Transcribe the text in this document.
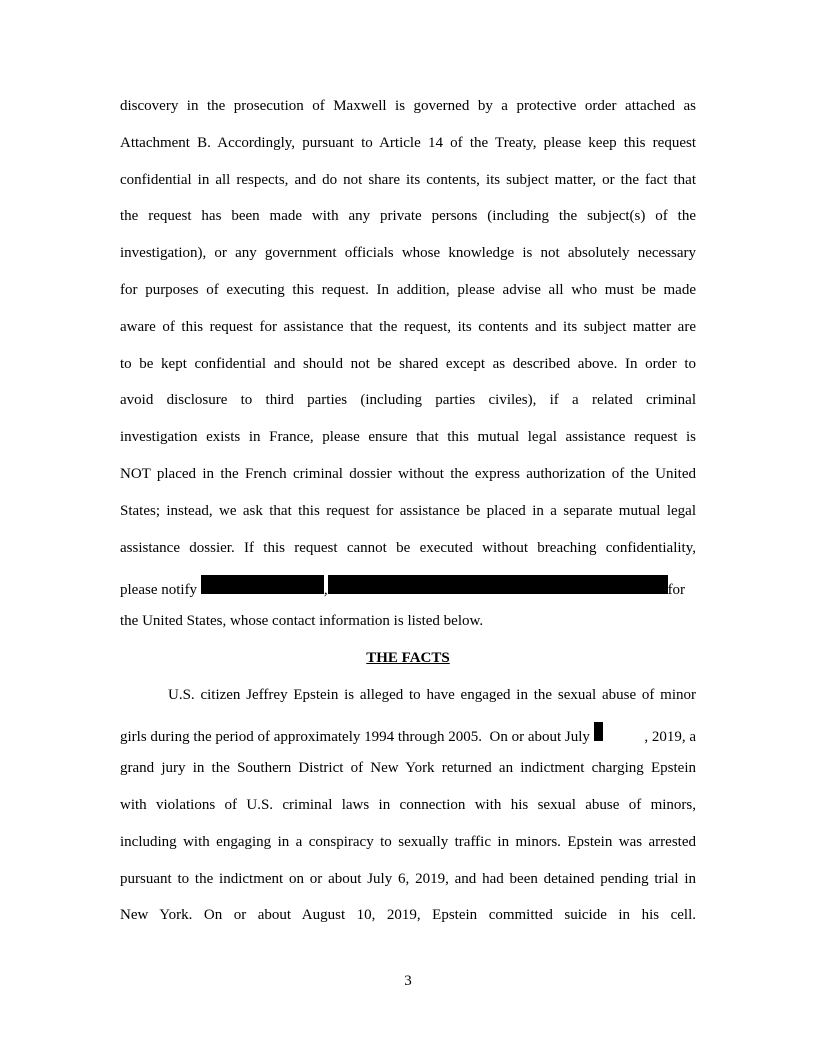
discovery in the prosecution of Maxwell is governed by a protective order attached as
Attachment B. Accordingly, pursuant to Article 14 of the Treaty, please keep this request
confidential in all respects, and do not share its contents, its subject matter, or the fact that
the request has been made with any private persons (including the subject(s) of the
investigation), or any government officials whose knowledge is not absolutely necessary
for purposes of executing this request. In addition, please advise all who must be made
aware of this request for assistance that the request, its contents and its subject matter are
to be kept confidential and should not be shared except as described above. In order to
avoid disclosure to third parties (including parties civiles), if a related criminal
investigation exists in France, please ensure that this mutual legal assistance request is
NOT placed in the French criminal dossier without the express authorization of the United
States; instead, we ask that this request for assistance be placed in a separate mutual legal
assistance dossier. If this request cannot be executed without breaching confidentiality,
please notify	,	for
the United States, whose contact information is listed below.
THE FACTS
U.S. citizen Jeffrey Epstein is alleged to have engaged in the sexual abuse of minor
girls during the period of approximately 1994 through 2005.  On or about July	, 2019, a
grand jury in the Southern District of New York returned an indictment charging Epstein
with violations of U.S. criminal laws in connection with his sexual abuse of minors,
including with engaging in a conspiracy to sexually traffic in minors. Epstein was arrested
pursuant to the indictment on or about July 6, 2019, and had been detained pending trial in
New York. On or about August 10, 2019, Epstein committed suicide in his cell.
3
